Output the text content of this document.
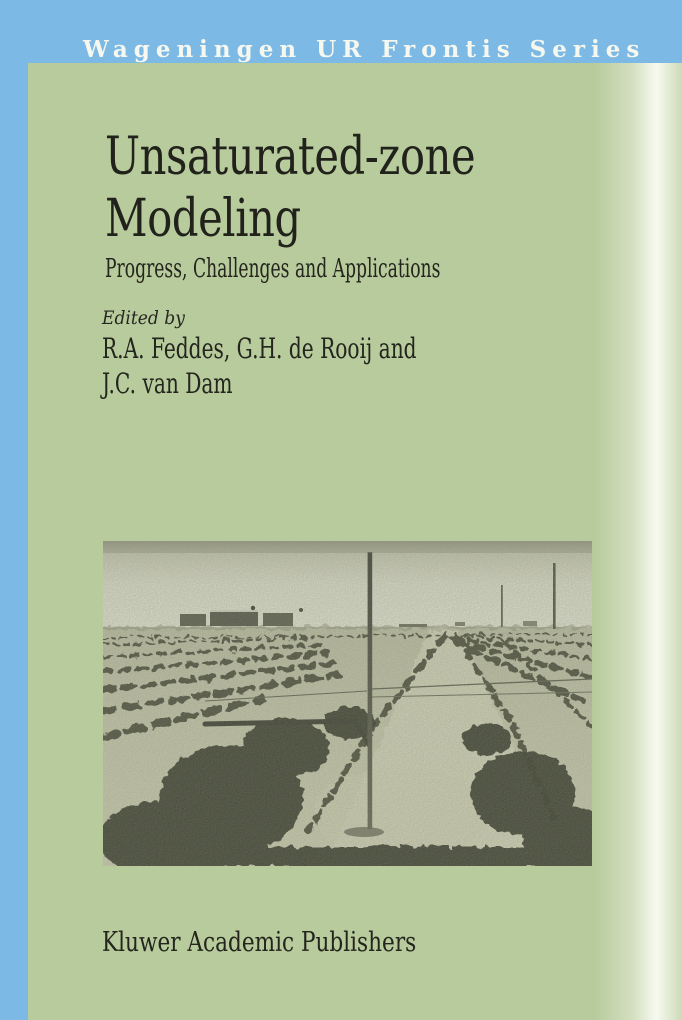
Wageningen UR Frontis Series
Unsaturated-zone
Modeling
Progress, Challenges and Applications
Edited by
R.A. Feddes, G.H. de Rooij and
J.C. van Dam
Kluwer Academic Publishers
